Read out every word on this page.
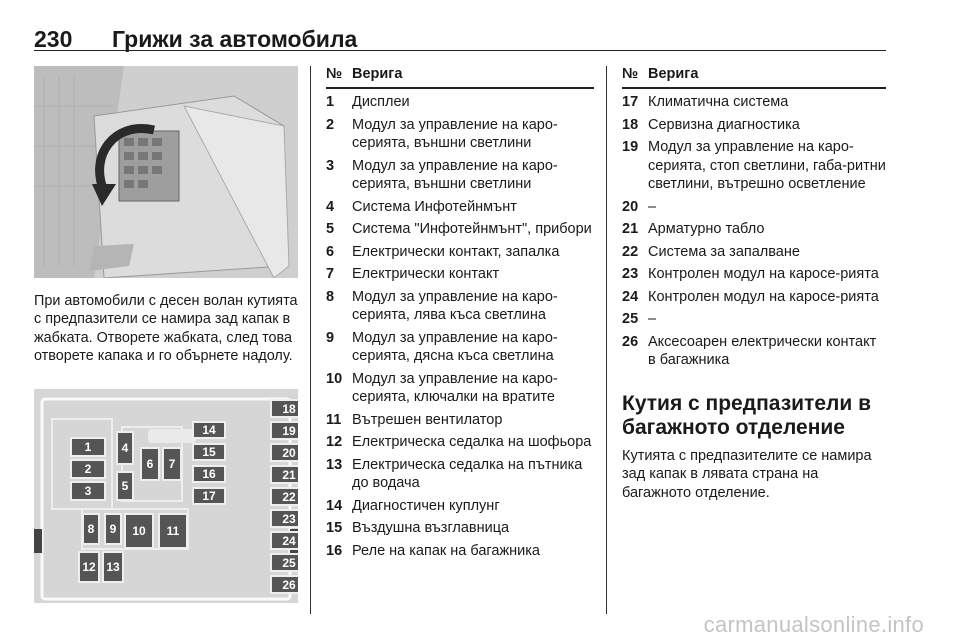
230 Грижи за автомобила
При автомобили с десен волан кутията с предпазители се намира зад капак в жабката. Отворете жабката, след това отворете капака и го обърнете надолу.
1
2
3
4
5
6	7
8	9	10	11
12 13
14
15
16
17
18
19
20
21
22
23
24
25
26
№ Верига
1 Дисплеи
2 Модул за управление на каро-серията, външни светлини
3 Модул за управление на каро-серията, външни светлини
4 Система Инфотейнмънт
5 Система "Инфотейнмънт", прибори
6 Електрически контакт, запалка
7 Електрически контакт
8 Модул за управление на каро-серията, лява къса светлина
9 Модул за управление на каро-серията, дясна къса светлина
10 Модул за управление на каро-серията, ключалки на вратите
11 Вътрешен вентилатор
12 Електрическа седалка на шофьора
13 Електрическа седалка на пътника до водача
14 Диагностичен куплунг
15 Въздушна възглавница
16 Реле на капак на багажника
№ Верига
17 Климатична система
18 Сервизна диагностика
19 Модул за управление на каро-серията, стоп светлини, габа-ритни светлини, вътрешно осветление
20 –
21 Арматурно табло
22 Система за запалване
23 Контролен модул на каросе-рията
24 Контролен модул на каросе-рията
25 –
26 Аксесоарен електрически контакт в багажника
Кутия с предпазители в багажното отделение
Кутията с предпазителите се намира зад капак в лявата страна на багажното отделение.
carmanualsonline.info
